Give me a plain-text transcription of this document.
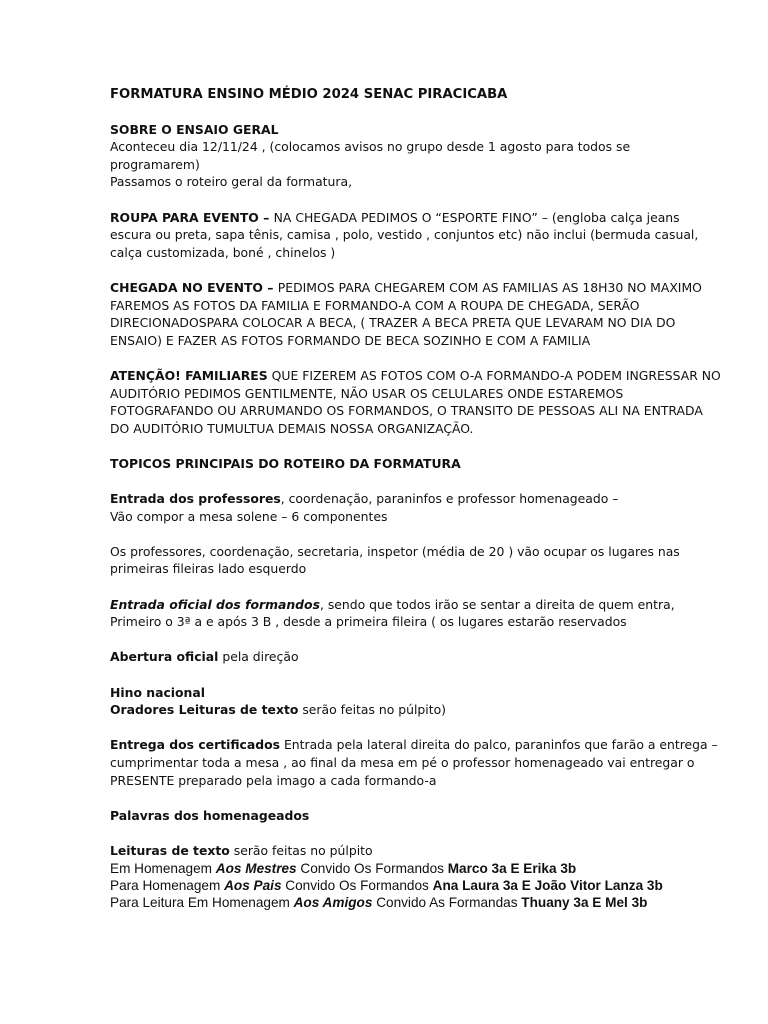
FORMATURA ENSINO MÉDIO 2024 SENAC PIRACICABA

SOBRE O ENSAIO GERAL
Aconteceu dia 12/11/24 , (colocamos avisos no grupo desde 1 agosto para todos se programarem)
Passamos o roteiro geral da formatura,

ROUPA PARA EVENTO – NA CHEGADA PEDIMOS O “ESPORTE FINO” – (engloba calça jeans escura ou preta, sapa tênis, camisa , polo, vestido , conjuntos etc) não inclui (bermuda casual, calça customizada, boné , chinelos )

CHEGADA NO EVENTO – PEDIMOS PARA CHEGAREM COM AS FAMILIAS AS 18H30 NO MAXIMO FAREMOS AS FOTOS DA FAMILIA E FORMANDO-A COM A ROUPA DE CHEGADA, SERÃO DIRECIONADOSPARA COLOCAR A BECA, ( TRAZER A BECA PRETA QUE LEVARAM NO DIA DO ENSAIO) E FAZER AS FOTOS FORMANDO DE BECA SOZINHO E COM A FAMILIA

ATENÇÃO! FAMILIARES QUE FIZEREM AS FOTOS COM O-A FORMANDO-A PODEM INGRESSAR NO AUDITÓRIO PEDIMOS GENTILMENTE, NÃO USAR OS CELULARES ONDE ESTAREMOS FOTOGRAFANDO OU ARRUMANDO OS FORMANDOS, O TRANSITO DE PESSOAS ALI NA ENTRADA DO AUDITÓRIO TUMULTUA DEMAIS NOSSA ORGANIZAÇÃO.

TOPICOS PRINCIPAIS DO ROTEIRO DA FORMATURA

Entrada dos professores, coordenação, paraninfos e professor homenageado –
Vão compor a mesa solene – 6 componentes

Os professores, coordenação, secretaria, inspetor (média de 20 ) vão ocupar os lugares nas primeiras fileiras lado esquerdo

Entrada oficial dos formandos, sendo que todos irão se sentar a direita de quem entra,
Primeiro o 3ª a e após 3 B , desde a primeira fileira ( os lugares estarão reservados

Abertura oficial pela direção

Hino nacional
Oradores Leituras de texto serão feitas no púlpito)

Entrega dos certificados Entrada pela lateral direita do palco, paraninfos que farão a entrega – cumprimentar toda a mesa , ao final da mesa em pé o professor homenageado vai entregar o PRESENTE preparado pela imago a cada formando-a

Palavras dos homenageados

Leituras de texto serão feitas no púlpito

Em Homenagem Aos Mestres Convido Os Formandos Marco 3a E Erika 3b

Para Homenagem Aos Pais Convido Os Formandos Ana Laura 3a E João Vitor Lanza 3b

Para Leitura Em Homenagem Aos Amigos Convido As Formandas Thuany 3a E Mel 3b
